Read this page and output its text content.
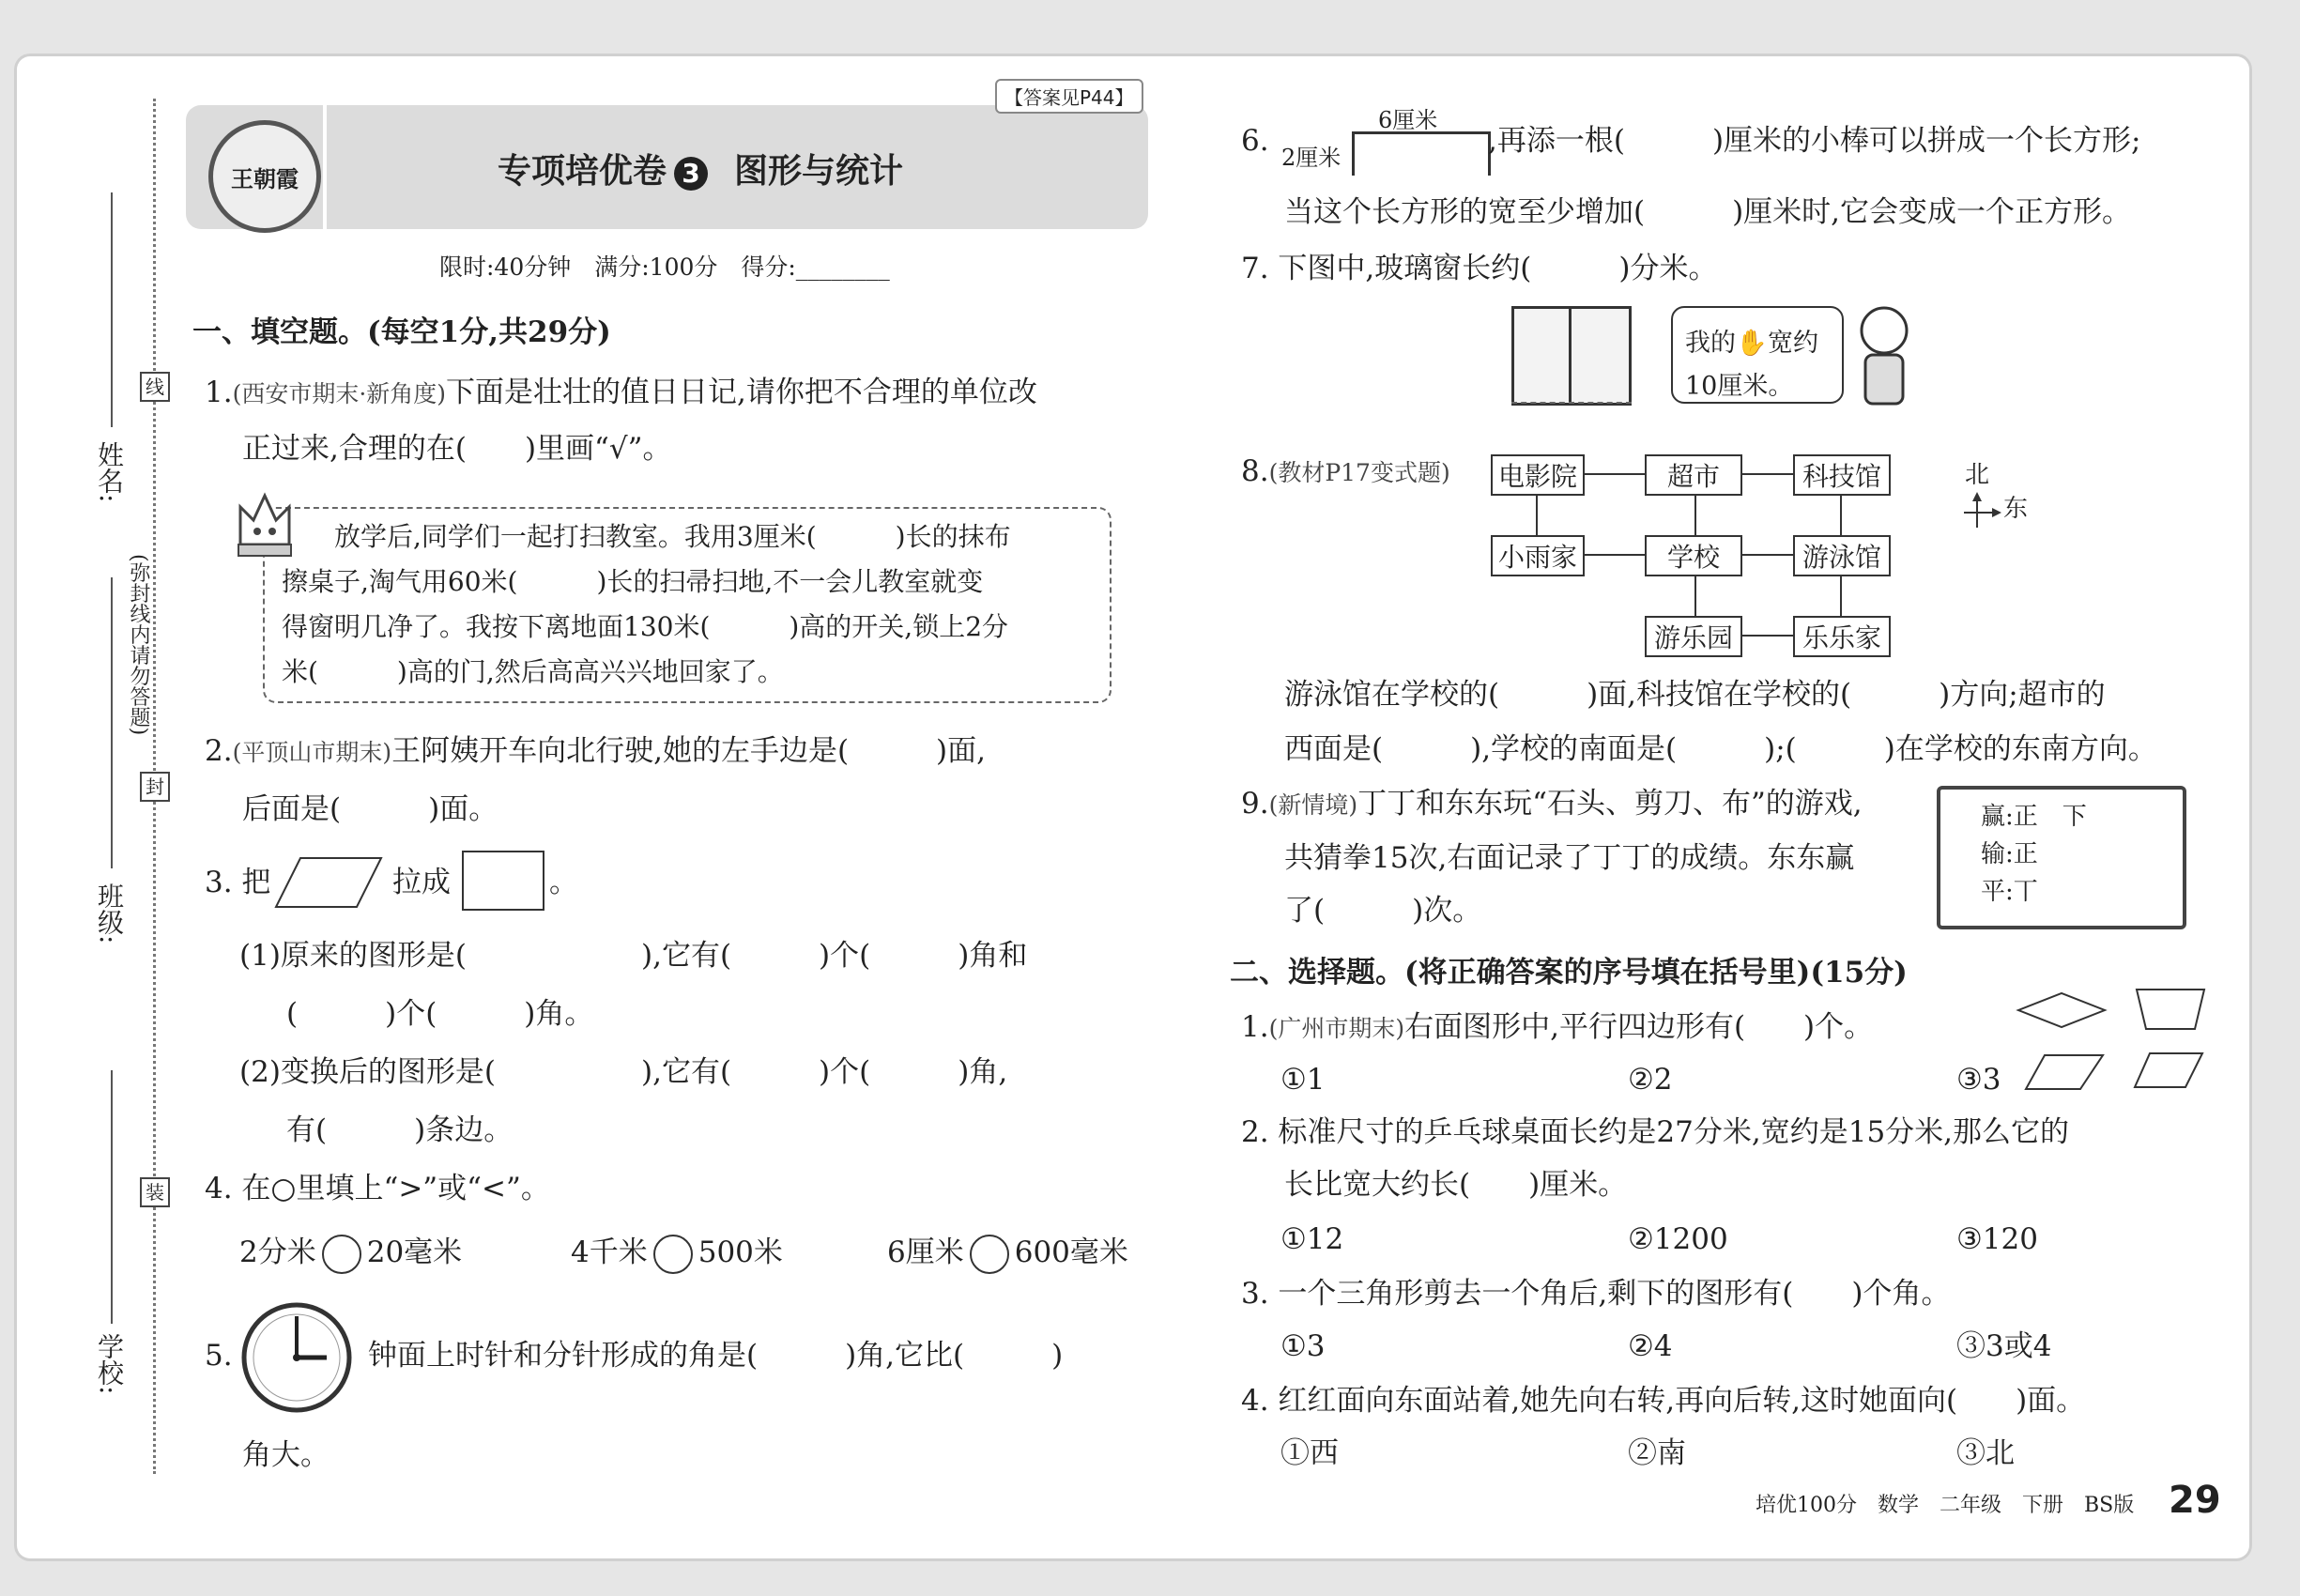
姓名:
班级:
学校:
(弥封线内请勿答题)
线
封
装
王朝霞
【答案见P44】
专项培优卷 3 图形与统计
限时:40分钟　满分:100分　得分:________
一、填空题。(每空1分,共29分)
1.(西安市期末·新角度)下面是壮壮的值日日记,请你把不合理的单位改
正过来,合理的在(　　)里画“√”。
放学后,同学们一起打扫教室。我用3厘米(　　　)长的抹布
擦桌子,淘气用60米(　　　)长的扫帚扫地,不一会儿教室就变
得窗明几净了。我按下离地面130米(　　　)高的开关,锁上2分
米(　　　)高的门,然后高高兴兴地回家了。
2.(平顶山市期末)王阿姨开车向北行驶,她的左手边是(　　　)面,
后面是(　　　)面。
3. 把	拉成	。
(1)原来的图形是(　　　　　　),它有(　　　)个(　　　)角和
(　　　)个(　　　)角。
(2)变换后的图形是(　　　　　),它有(　　　)个(　　　)角,
有(　　　)条边。
4. 在○里填上“>”或“<”。
2分米 20毫米	4千米 500米	6厘米 600毫米
5.	钟面上时针和分针形成的角是(　　　)角,它比(　　　)
角大。
6.
6厘米
2厘米	,再添一根(　　　)厘米的小棒可以拼成一个长方形;
当这个长方形的宽至少增加(　　　)厘米时,它会变成一个正方形。
7. 下图中,玻璃窗长约(　　　)分米。
我的✋宽约
10厘米。
8.(教材P17变式题) 电影院	超市	科技馆
小雨家	学校	游泳馆
游乐园	乐乐家
北
东
游泳馆在学校的(　　　)面,科技馆在学校的(　　　)方向;超市的
西面是(　　　),学校的南面是(　　　);(　　　)在学校的东南方向。
9.(新情境)丁丁和东东玩“石头、剪刀、布”的游戏,
共猜拳15次,右面记录了丁丁的成绩。东东赢
了(　　　)次。
赢:正　下
输:正
平:丅
二、选择题。(将正确答案的序号填在括号里)(15分)
1.(广州市期末)右面图形中,平行四边形有(　　)个。
①1	②2	③3
2. 标准尺寸的乒乓球桌面长约是27分米,宽约是15分米,那么它的
长比宽大约长(　　)厘米。
①12	②1200	③120
3. 一个三角形剪去一个角后,剩下的图形有(　　)个角。
①3	②4	③3或4
4. 红红面向东面站着,她先向右转,再向后转,这时她面向(　　)面。
①西	②南	③北
培优100分　数学　二年级　下册　BS版 29
